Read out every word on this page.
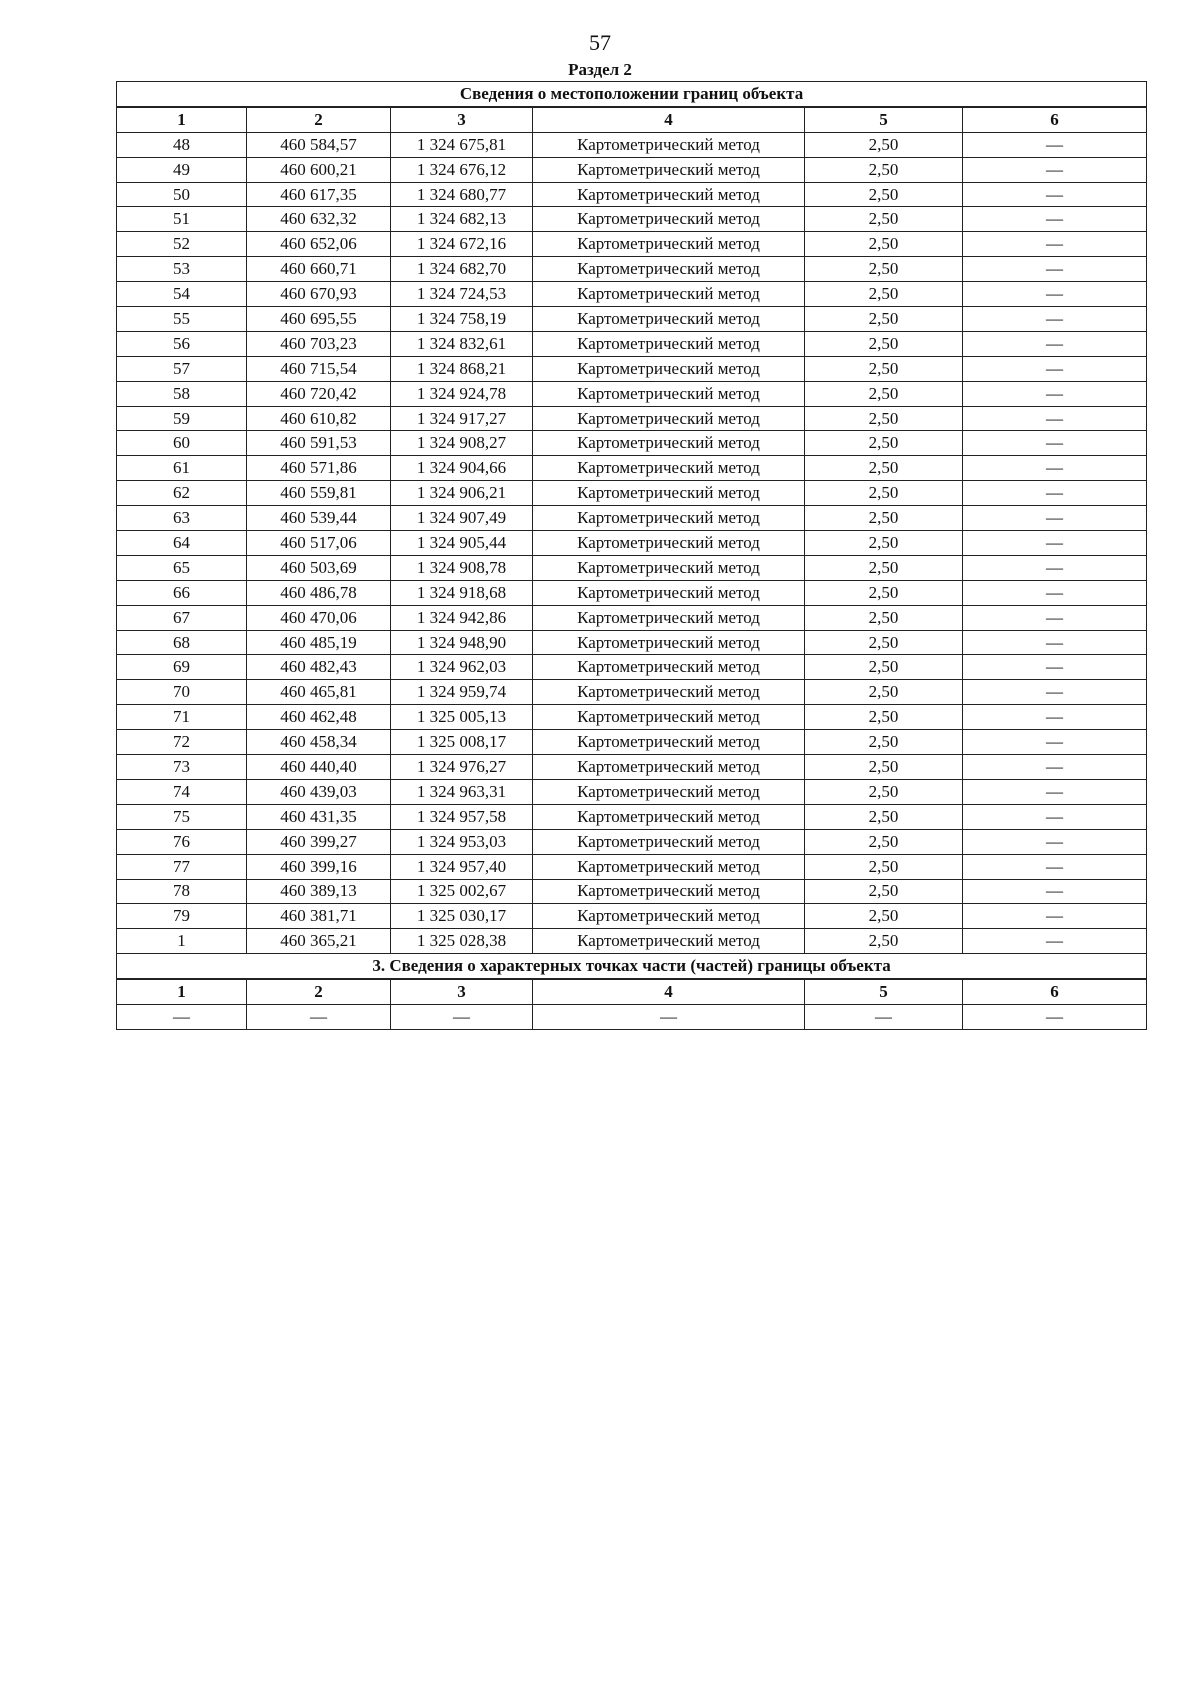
57
Раздел 2
Сведения о местоположении границ объекта					
1	2	3	4	5	6
48	460 584,57	1 324 675,81	Картометрический метод	2,50	—
49	460 600,21	1 324 676,12	Картометрический метод	2,50	—
50	460 617,35	1 324 680,77	Картометрический метод	2,50	—
51	460 632,32	1 324 682,13	Картометрический метод	2,50	—
52	460 652,06	1 324 672,16	Картометрический метод	2,50	—
53	460 660,71	1 324 682,70	Картометрический метод	2,50	—
54	460 670,93	1 324 724,53	Картометрический метод	2,50	—
55	460 695,55	1 324 758,19	Картометрический метод	2,50	—
56	460 703,23	1 324 832,61	Картометрический метод	2,50	—
57	460 715,54	1 324 868,21	Картометрический метод	2,50	—
58	460 720,42	1 324 924,78	Картометрический метод	2,50	—
59	460 610,82	1 324 917,27	Картометрический метод	2,50	—
60	460 591,53	1 324 908,27	Картометрический метод	2,50	—
61	460 571,86	1 324 904,66	Картометрический метод	2,50	—
62	460 559,81	1 324 906,21	Картометрический метод	2,50	—
63	460 539,44	1 324 907,49	Картометрический метод	2,50	—
64	460 517,06	1 324 905,44	Картометрический метод	2,50	—
65	460 503,69	1 324 908,78	Картометрический метод	2,50	—
66	460 486,78	1 324 918,68	Картометрический метод	2,50	—
67	460 470,06	1 324 942,86	Картометрический метод	2,50	—
68	460 485,19	1 324 948,90	Картометрический метод	2,50	—
69	460 482,43	1 324 962,03	Картометрический метод	2,50	—
70	460 465,81	1 324 959,74	Картометрический метод	2,50	—
71	460 462,48	1 325 005,13	Картометрический метод	2,50	—
72	460 458,34	1 325 008,17	Картометрический метод	2,50	—
73	460 440,40	1 324 976,27	Картометрический метод	2,50	—
74	460 439,03	1 324 963,31	Картометрический метод	2,50	—
75	460 431,35	1 324 957,58	Картометрический метод	2,50	—
76	460 399,27	1 324 953,03	Картометрический метод	2,50	—
77	460 399,16	1 324 957,40	Картометрический метод	2,50	—
78	460 389,13	1 325 002,67	Картометрический метод	2,50	—
79	460 381,71	1 325 030,17	Картометрический метод	2,50	—
1	460 365,21	1 325 028,38	Картометрический метод	2,50	—
3. Сведения о характерных точках части (частей) границы объекта					
1	2	3	4	5	6
—	—	—	—	—	—
